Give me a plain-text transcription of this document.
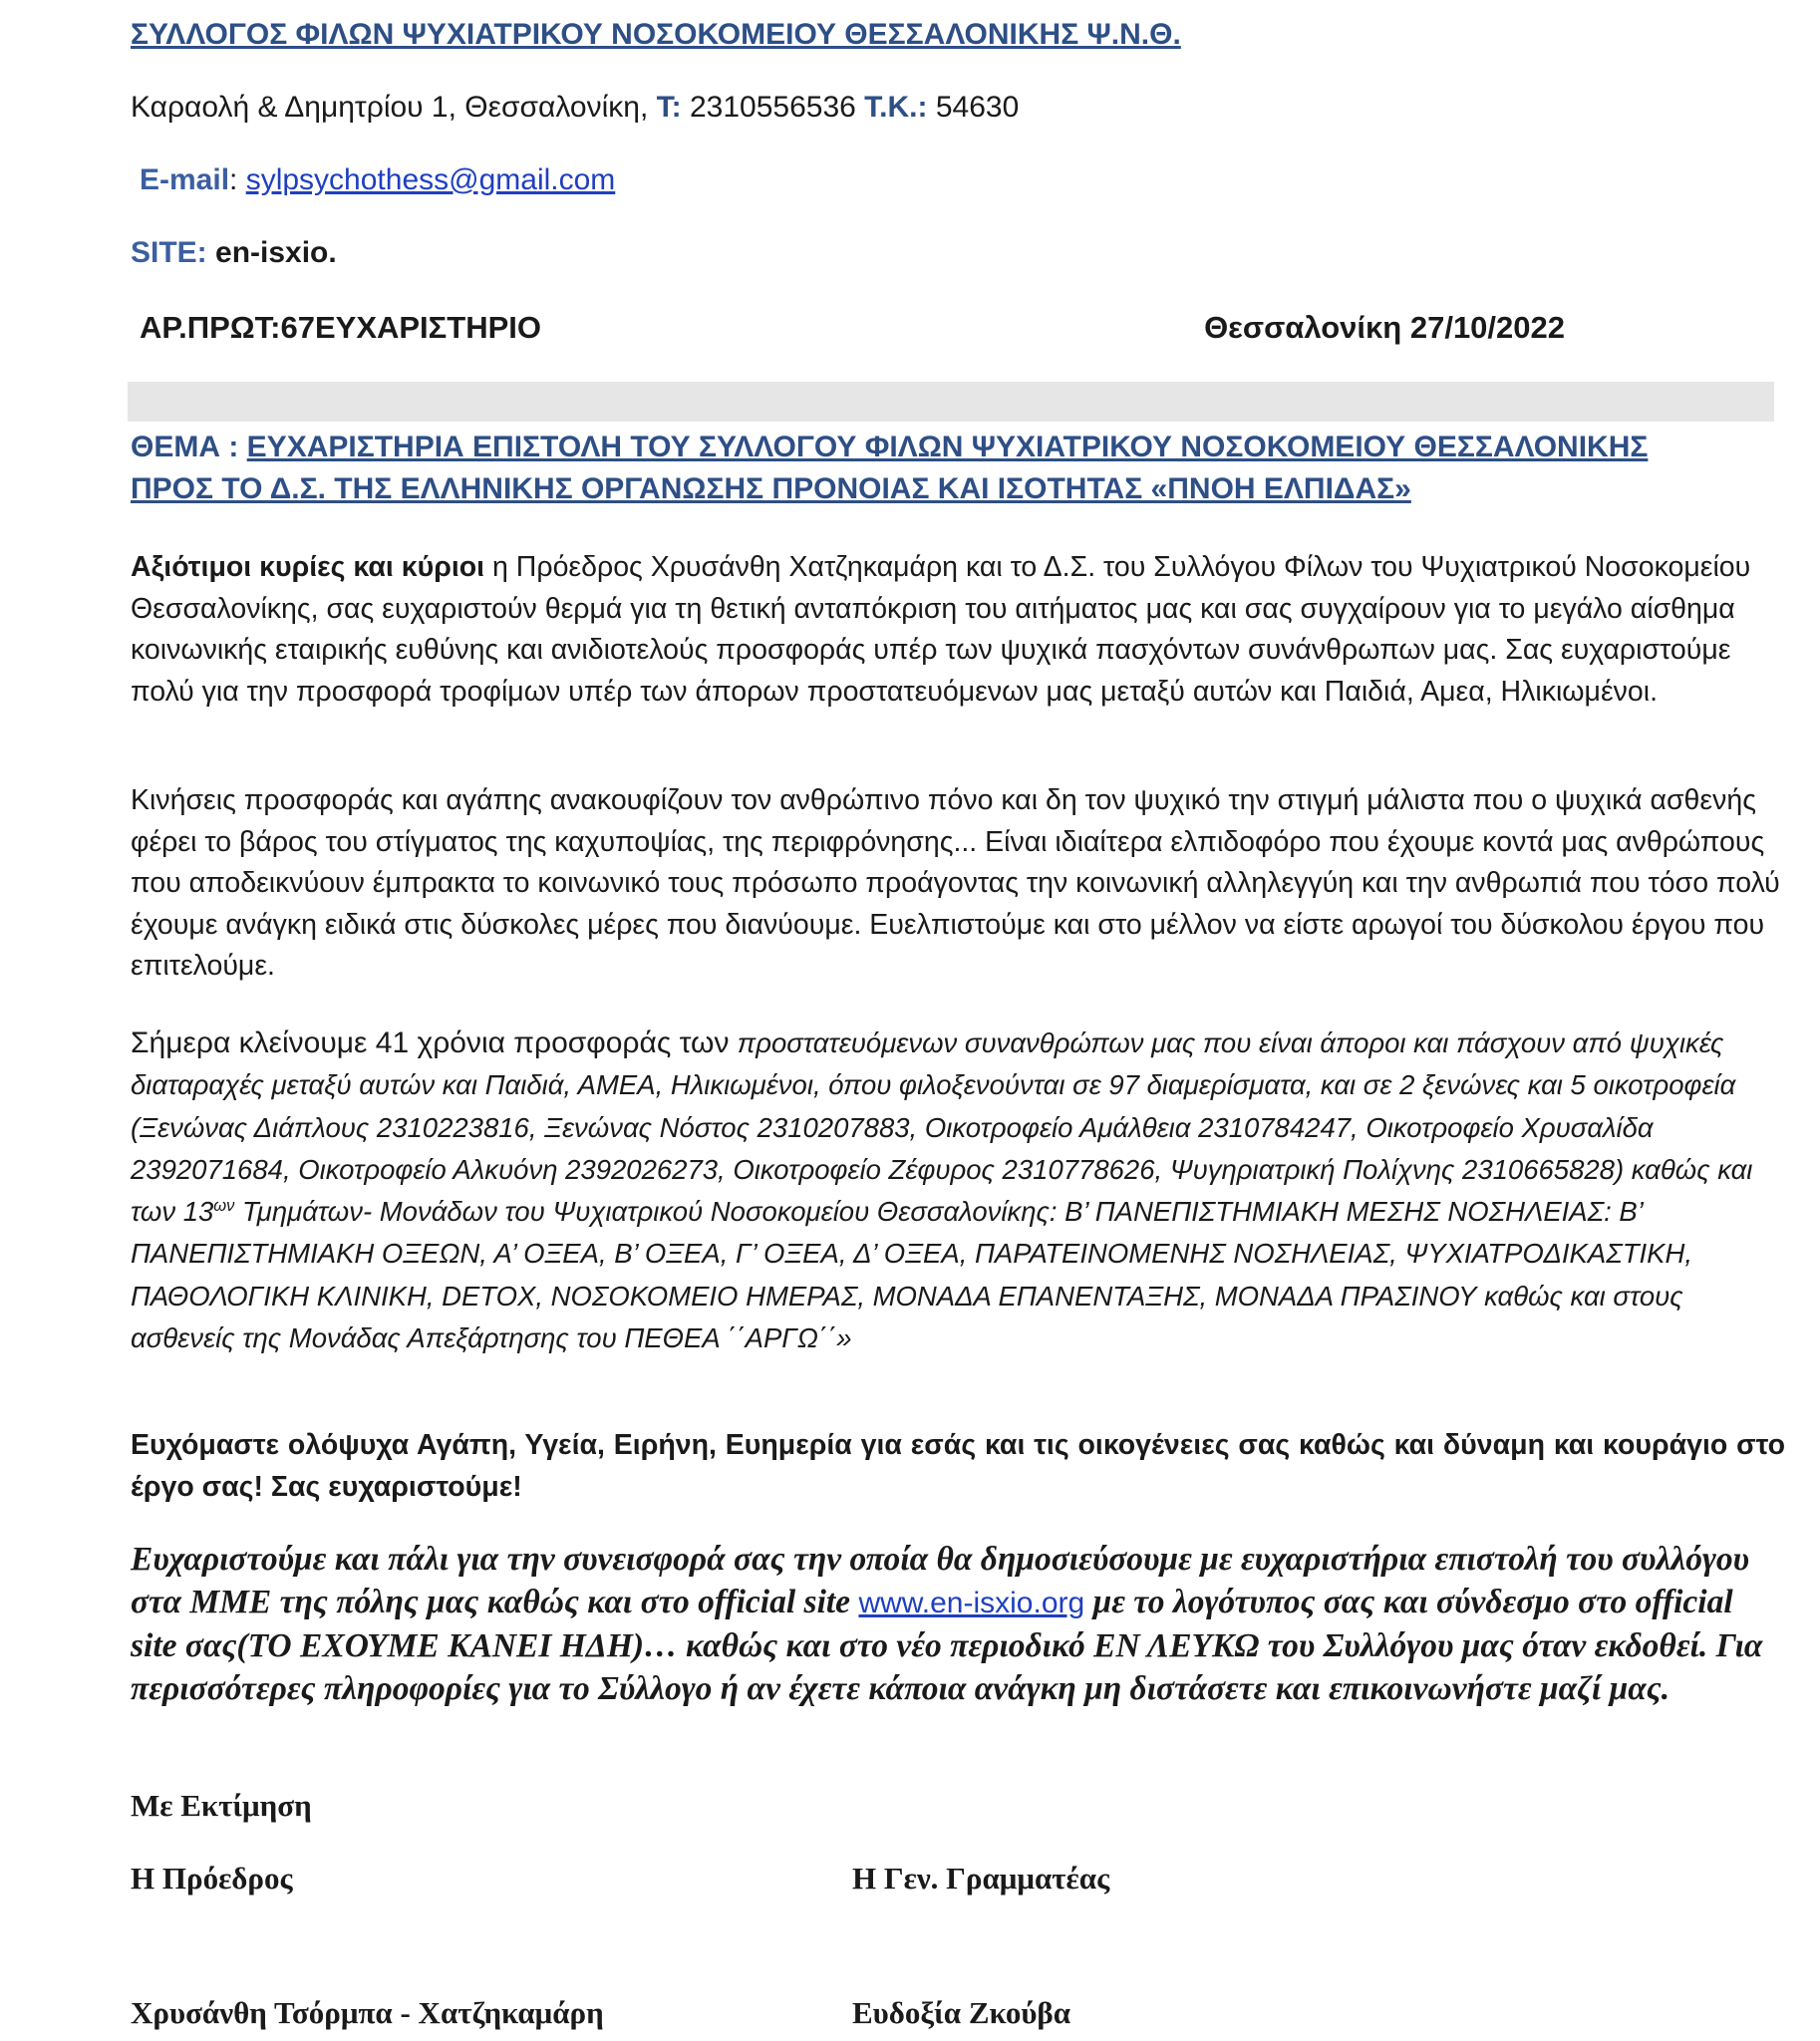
ΣΥΛΛΟΓΟΣ ΦΙΛΩΝ ΨΥΧΙΑΤΡΙΚΟΥ ΝΟΣΟΚΟΜΕΙΟΥ ΘΕΣΣΑΛΟΝΙΚΗΣ Ψ.Ν.Θ.
Καραολή & Δημητρίου 1, Θεσσαλονίκη, Τ: 2310556536 Τ.Κ.: 54630
E-mail: sylpsychothess@gmail.com
SITE: en-isxio.
ΑΡ.ΠΡΩΤ:67ΕΥΧΑΡΙΣΤΗΡΙΟ	Θεσσαλονίκη 27/10/2022
ΘΕΜΑ : ΕΥΧΑΡΙΣΤΗΡΙΑ ΕΠΙΣΤΟΛΗ ΤΟΥ ΣΥΛΛΟΓΟΥ ΦΙΛΩΝ ΨΥΧΙΑΤΡΙΚΟΥ ΝΟΣΟΚΟΜΕΙΟΥ ΘΕΣΣΑΛΟΝΙΚΗΣ
ΠΡΟΣ ΤΟ Δ.Σ. ΤΗΣ ΕΛΛΗΝΙΚΗΣ ΟΡΓΑΝΩΣΗΣ ΠΡΟΝΟΙΑΣ ΚΑΙ ΙΣΟΤΗΤΑΣ «ΠΝΟΗ ΕΛΠΙΔΑΣ»
Αξιότιμοι κυρίες και κύριοι η Πρόεδρος Χρυσάνθη Χατζηκαμάρη και το Δ.Σ. του Συλλόγου Φίλων του Ψυχιατρικού Νοσοκομείου Θεσσαλονίκης, σας ευχαριστούν θερμά για τη θετική ανταπόκριση του αιτήματος μας και σας συγχαίρουν για το μεγάλο αίσθημα κοινωνικής εταιρικής ευθύνης και ανιδιοτελούς προσφοράς υπέρ των ψυχικά πασχόντων συνάνθρωπων μας. Σας ευχαριστούμε πολύ για την προσφορά τροφίμων υπέρ των άπορων προστατευόμενων μας μεταξύ αυτών και Παιδιά, Αμεα, Ηλικιωμένοι.
Κινήσεις προσφοράς και αγάπης ανακουφίζουν τον ανθρώπινο πόνο και δη τον ψυχικό την στιγμή μάλιστα που ο ψυχικά ασθενής φέρει το βάρος του στίγματος της καχυποψίας, της περιφρόνησης... Είναι ιδιαίτερα ελπιδοφόρο που έχουμε κοντά μας ανθρώπους που αποδεικνύουν έμπρακτα το κοινωνικό τους πρόσωπο προάγοντας την κοινωνική αλληλεγγύη και την ανθρωπιά που τόσο πολύ έχουμε ανάγκη ειδικά στις δύσκολες μέρες που διανύουμε. Ευελπιστούμε και στο μέλλον να είστε αρωγοί του δύσκολου έργου που επιτελούμε.
Σήμερα κλείνουμε 41 χρόνια προσφοράς των προστατευόμενων συνανθρώπων μας που είναι άποροι και πάσχουν από ψυχικές διαταραχές μεταξύ αυτών και Παιδιά, ΑΜΕΑ, Ηλικιωμένοι, όπου φιλοξενούνται σε 97 διαμερίσματα, και σε 2 ξενώνες και 5 οικοτροφεία (Ξενώνας Διάπλους 2310223816, Ξενώνας Νόστος 2310207883, Οικοτροφείο Αμάλθεια 2310784247, Οικοτροφείο Χρυσαλίδα 2392071684, Οικοτροφείο Αλκυόνη 2392026273, Οικοτροφείο Ζέφυρος 2310778626, Ψυγηριατρική Πολίχνης 2310665828) καθώς και των $13^{\omega\nu}$ Τμημάτων- Μονάδων του Ψυχιατρικού Νοσοκομείου Θεσσαλονίκης: Β’ ΠΑΝΕΠΙΣΤΗΜΙΑΚΗ ΜΕΣΗΣ ΝΟΣΗΛΕΙΑΣ: Β’ ΠΑΝΕΠΙΣΤΗΜΙΑΚΗ ΟΞΕΩΝ, Α’ ΟΞΕΑ, Β’ ΟΞΕΑ, Γ’ ΟΞΕΑ, Δ’ ΟΞΕΑ, ΠΑΡΑΤΕΙΝΟΜΕΝΗΣ ΝΟΣΗΛΕΙΑΣ, ΨΥΧΙΑΤΡΟΔΙΚΑΣΤΙΚΗ, ΠΑΘΟΛΟΓΙΚΗ ΚΛΙΝΙΚΗ, DETOX, ΝΟΣΟΚΟΜΕΙΟ ΗΜΕΡΑΣ, ΜΟΝΑΔΑ ΕΠΑΝΕΝΤΑΞΗΣ, ΜΟΝΑΔΑ ΠΡΑΣΙΝΟΥ καθώς και στους ασθενείς της Μονάδας Απεξάρτησης του ΠΕΘΕΑ ΄΄ΑΡΓΩ΄΄»
Ευχόμαστε ολόψυχα Αγάπη, Υγεία, Ειρήνη, Ευημερία για εσάς και τις οικογένειες σας καθώς και δύναμη και κουράγιο στο έργο σας! Σας ευχαριστούμε!
Ευχαριστούμε και πάλι για την συνεισφορά σας την οποία θα δημοσιεύσουμε με ευχαριστήρια επιστολή του συλλόγου στα ΜΜΕ της πόλης μας καθώς και στο official site www.en-isxio.org με το λογότυπος σας και σύνδεσμο στο official site σας(ΤΟ ΕΧΟΥΜΕ ΚΑΝΕΙ ΗΔΗ)… καθώς και στο νέο περιοδικό ΕΝ ΛΕΥΚΩ του Συλλόγου μας όταν εκδοθεί. Για περισσότερες πληροφορίες για το Σύλλογο ή αν έχετε κάποια ανάγκη μη διστάσετε και επικοινωνήστε μαζί μας.
Με Εκτίμηση
Η Πρόεδρος	Η Γεν. Γραμματέας
Χρυσάνθη Τσόρμπα - Χατζηκαμάρη	Ευδοξία Ζκούβα
